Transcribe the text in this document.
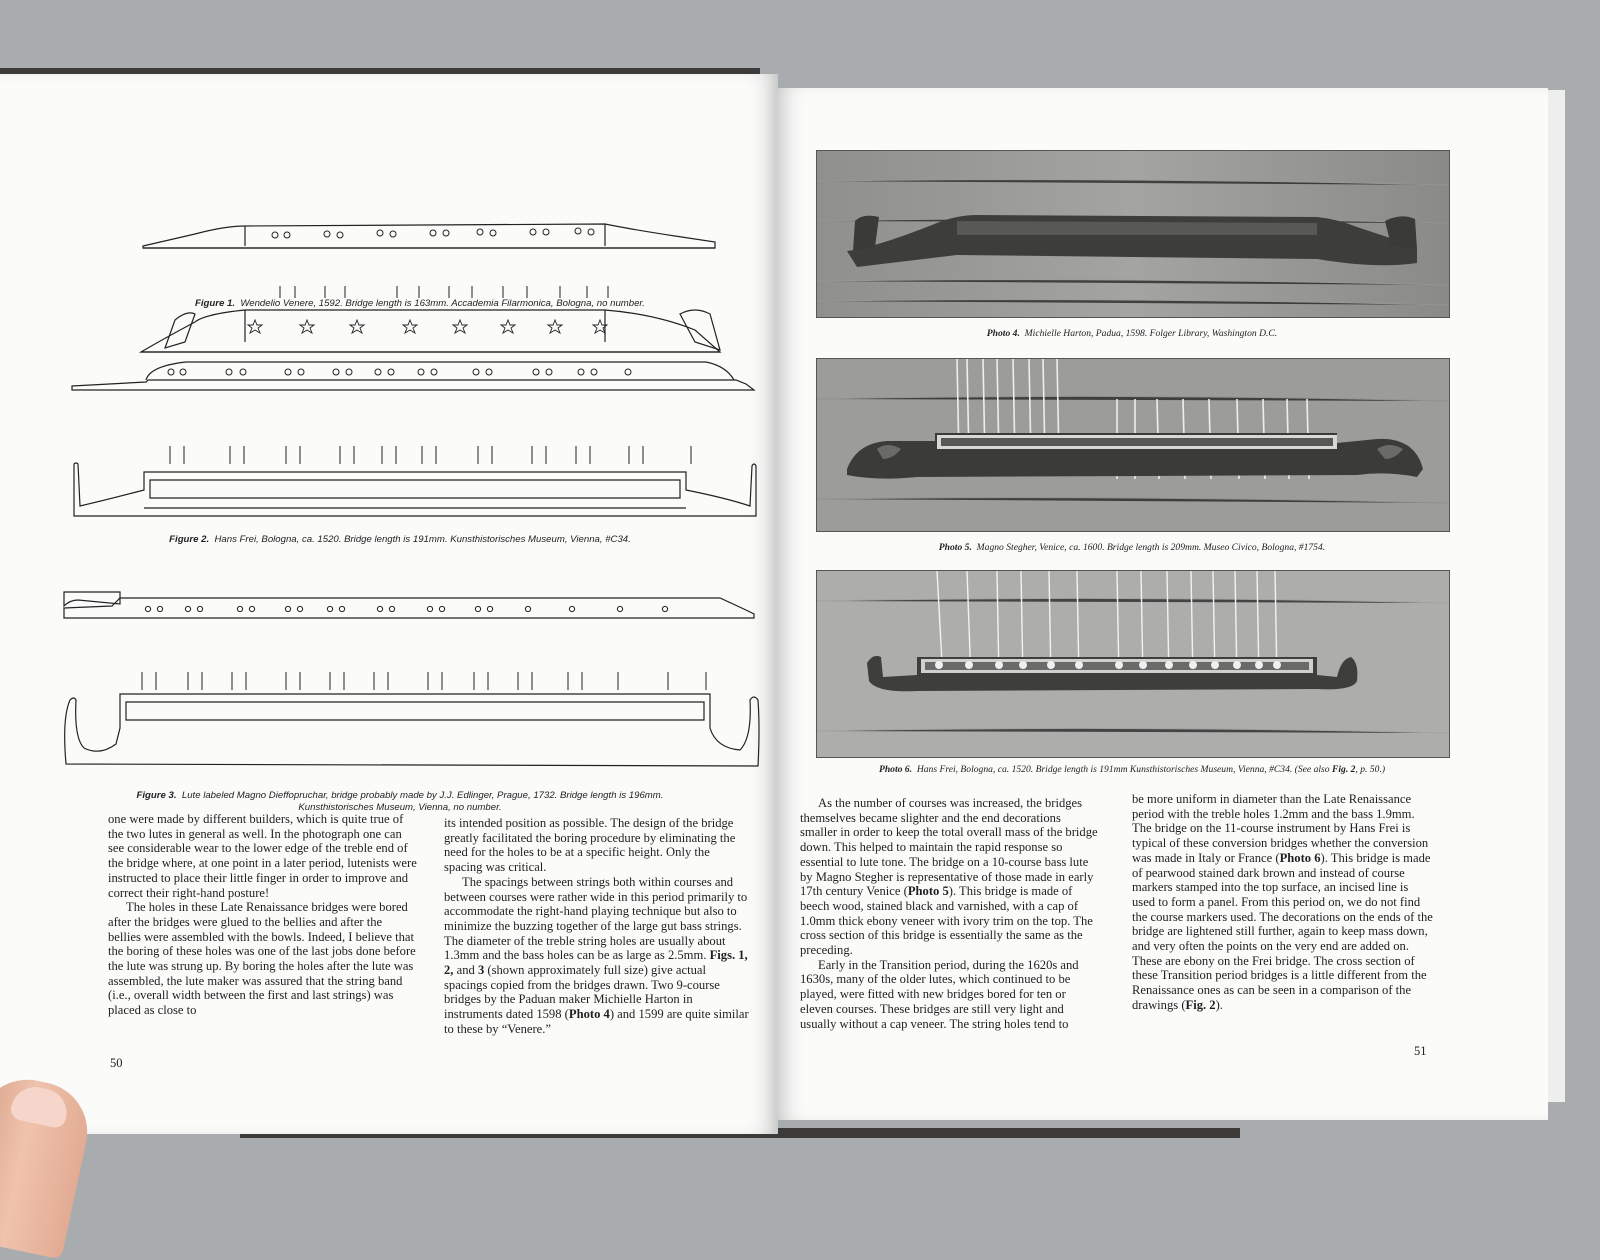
Figure 1. Wendelio Venere, 1592. Bridge length is 163mm. Accademia Filarmonica, Bologna, no number.
Figure 2. Hans Frei, Bologna, ca. 1520. Bridge length is 191mm. Kunsthistorisches Museum, Vienna, #C34.
Figure 3. Lute labeled Magno Dieffopruchar, bridge probably made by J.J. Edlinger, Prague, 1732. Bridge length is 196mm.
Kunsthistorisches Museum, Vienna, no number.

one were made by different builders, which is quite true of the two lutes in general as well. In the photograph one can see considerable wear to the lower edge of the treble end of the bridge where, at one point in a later period, lutenists were instructed to place their little finger in order to improve and correct their right-hand posture!

The holes in these Late Renaissance bridges were bored after the bridges were glued to the bellies and after the bellies were assembled with the bowls. Indeed, I believe that the boring of these holes was one of the last jobs done before the lute was strung up. By boring the holes after the lute was assembled, the lute maker was assured that the string band (i.e., overall width between the first and last strings) was placed as close to

its intended position as possible. The design of the bridge greatly facilitated the boring procedure by eliminating the need for the holes to be at a specific height. Only the spacing was critical.

The spacings between strings both within courses and between courses were rather wide in this period primarily to accommodate the right-hand playing technique but also to minimize the buzzing together of the large gut bass strings. The diameter of the treble string holes are usually about 1.3mm and the bass holes can be as large as 2.5mm. Figs. 1, 2, and 3 (shown approximately full size) give actual spacings copied from the bridges drawn. Two 9-course bridges by the Paduan maker Michielle Harton in instruments dated 1598 (Photo 4) and 1599 are quite similar to these by “Venere.”

50
Photo 4. Michielle Harton, Padua, 1598. Folger Library, Washington D.C.
Photo 5. Magno Stegher, Venice, ca. 1600. Bridge length is 209mm. Museo Civico, Bologna, #1754.
Photo 6. Hans Frei, Bologna, ca. 1520. Bridge length is 191mm Kunsthistorisches Museum, Vienna, #C34. (See also Fig. 2, p. 50.)

As the number of courses was increased, the bridges themselves became slighter and the end decorations smaller in order to keep the total overall mass of the bridge down. This helped to maintain the rapid response so essential to lute tone. The bridge on a 10-course bass lute by Magno Stegher is representative of those made in early 17th century Venice (Photo 5). This bridge is made of beech wood, stained black and varnished, with a cap of 1.0mm thick ebony veneer with ivory trim on the top. The cross section of this bridge is essentially the same as the preceding.

Early in the Transition period, during the 1620s and 1630s, many of the older lutes, which continued to be played, were fitted with new bridges bored for ten or eleven courses. These bridges are still very light and usually without a cap veneer. The string holes tend to

be more uniform in diameter than the Late Renaissance period with the treble holes 1.2mm and the bass 1.9mm. The bridge on the 11-course instrument by Hans Frei is typical of these conversion bridges whether the conversion was made in Italy or France (Photo 6). This bridge is made of pearwood stained dark brown and instead of course markers stamped into the top surface, an incised line is used to form a panel. From this period on, we do not find the course markers used. The decorations on the ends of the bridge are lightened still further, again to keep mass down, and very often the points on the very end are added on. These are ebony on the Frei bridge. The cross section of these Transition period bridges is a little different from the Renaissance ones as can be seen in a comparison of the drawings (Fig. 2).

51
